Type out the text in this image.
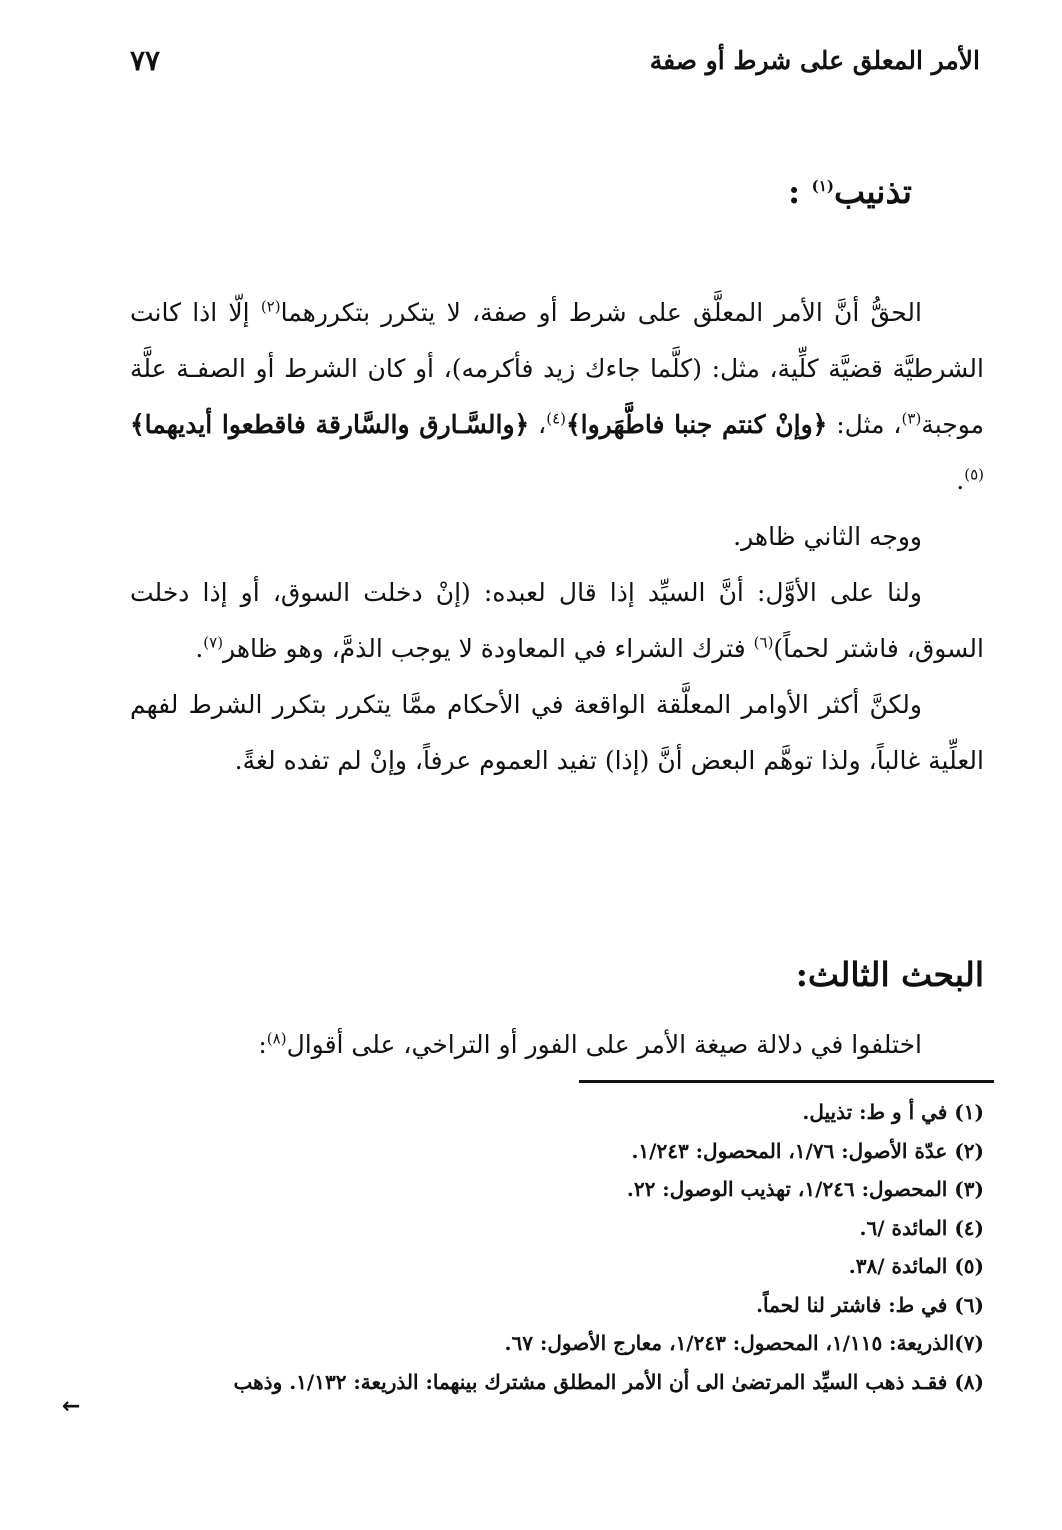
الأمر المعلق على شرط أو صفة
٧٧
تذنيب$^{(١)}$ :

الحقُّ أنَّ الأمر المعلَّق على شرط أو صفة، لا يتكرر بتكررهما$^{(٢)}$ إلّا اذا كانت الشرطيَّة قضيَّة كلِّية، مثل: (كلَّما جاءك زيد فأكرمه)، أو كان الشرط أو الصفـة علَّة موجبة$^{(٣)}$، مثل: ﴿وإنْ كنتم جنبا فاطَّهَروا﴾$^{(٤)}$، ﴿والسَّـارق والسَّارقة فاقطعوا أيديهما﴾$^{(٥)}$.

ووجه الثاني ظاهر.

ولنا على الأوَّل: أنَّ السيِّد إذا قال لعبده: (إنْ دخلت السوق، أو إذا دخلت السوق، فاشتر لحماً)$^{(٦)}$ فترك الشراء في المعاودة لا يوجب الذمَّ، وهو ظاهر$^{(٧)}$.

ولكنَّ أكثر الأوامر المعلَّقة الواقعة في الأحكام ممَّا يتكرر بتكرر الشرط لفهم العلِّية غالباً، ولذا توهَّم البعض أنَّ (إذا) تفيد العموم عرفاً، وإنْ لم تفده لغةً.

البحث الثالث:

اختلفوا في دلالة صيغة الأمر على الفور أو التراخي، على أقوال$^{(٨)}$:

(١) في أ و ط: تذييل.
(٢) عدّة الأصول: ١/٧٦، المحصول: ١/٢٤٣.
(٣) المحصول: ١/٢٤٦، تهذيب الوصول: ٢٢.
(٤) المائدة /٦.
(٥) المائدة /٣٨.
(٦) في ط: فاشتر لنا لحماً.
(٧)الذريعة: ١/١١٥، المحصول: ١/٢٤٣، معارج الأصول: ٦٧.
(٨) فقـد ذهب السيِّد المرتضىٰ الى أن الأمر المطلق مشترك بينهما: الذريعة: ١/١٣٢. وذهب
←
